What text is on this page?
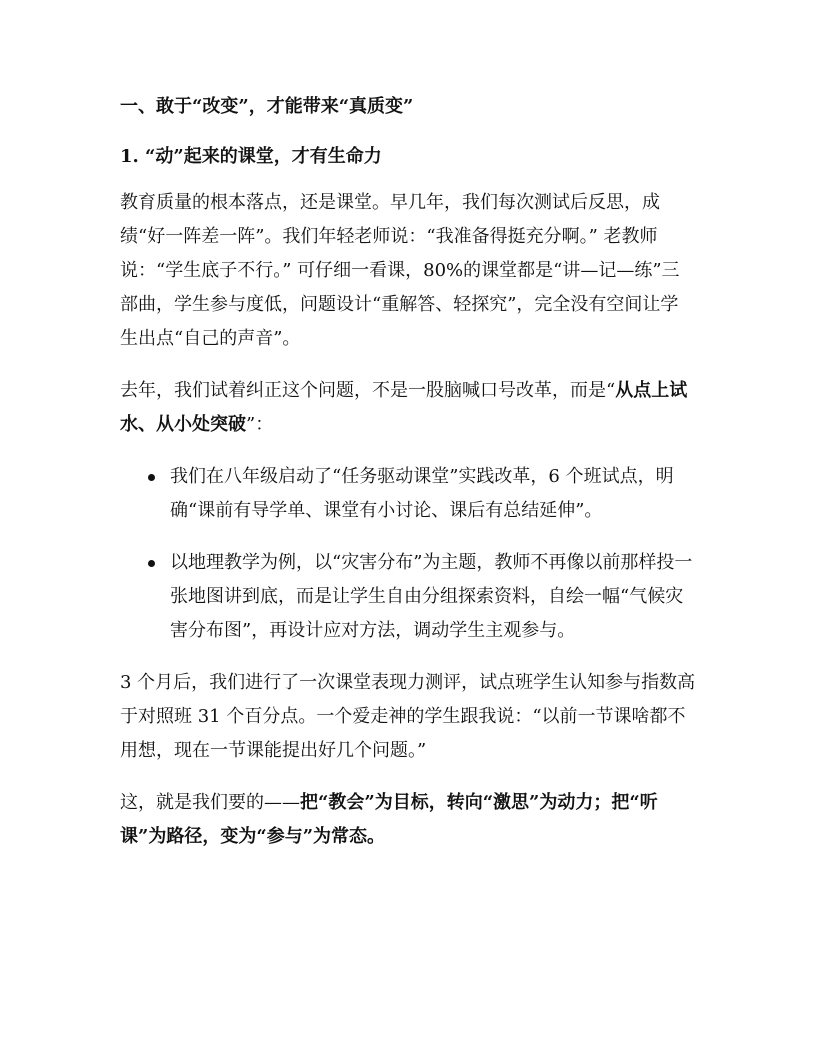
一、敢于“改变”，才能带来“真质变”
1. “动”起来的课堂，才有生命力

教育质量的根本落点，还是课堂。早几年，我们每次测试后反思，成绩“好一阵差一阵”。我们年轻老师说：“我准备得挺充分啊。” 老教师说：“学生底子不行。” 可仔细一看课，80%的课堂都是“讲—记—练”三部曲，学生参与度低，问题设计“重解答、轻探究”，完全没有空间让学生出点“自己的声音”。

去年，我们试着纠正这个问题，不是一股脑喊口号改革，而是“从点上试水、从小处突破”：

我们在八年级启动了“任务驱动课堂”实践改革，6 个班试点，明确“课前有导学单、课堂有小讨论、课后有总结延伸”。
以地理教学为例，以“灾害分布”为主题，教师不再像以前那样投一张地图讲到底，而是让学生自由分组探索资料，自绘一幅“气候灾害分布图”，再设计应对方法，调动学生主观参与。

3 个月后，我们进行了一次课堂表现力测评，试点班学生认知参与指数高于对照班 31 个百分点。一个爱走神的学生跟我说：“以前一节课啥都不用想，现在一节课能提出好几个问题。”

这，就是我们要的——把“教会”为目标，转向“激思”为动力；把“听课”为路径，变为“参与”为常态。
